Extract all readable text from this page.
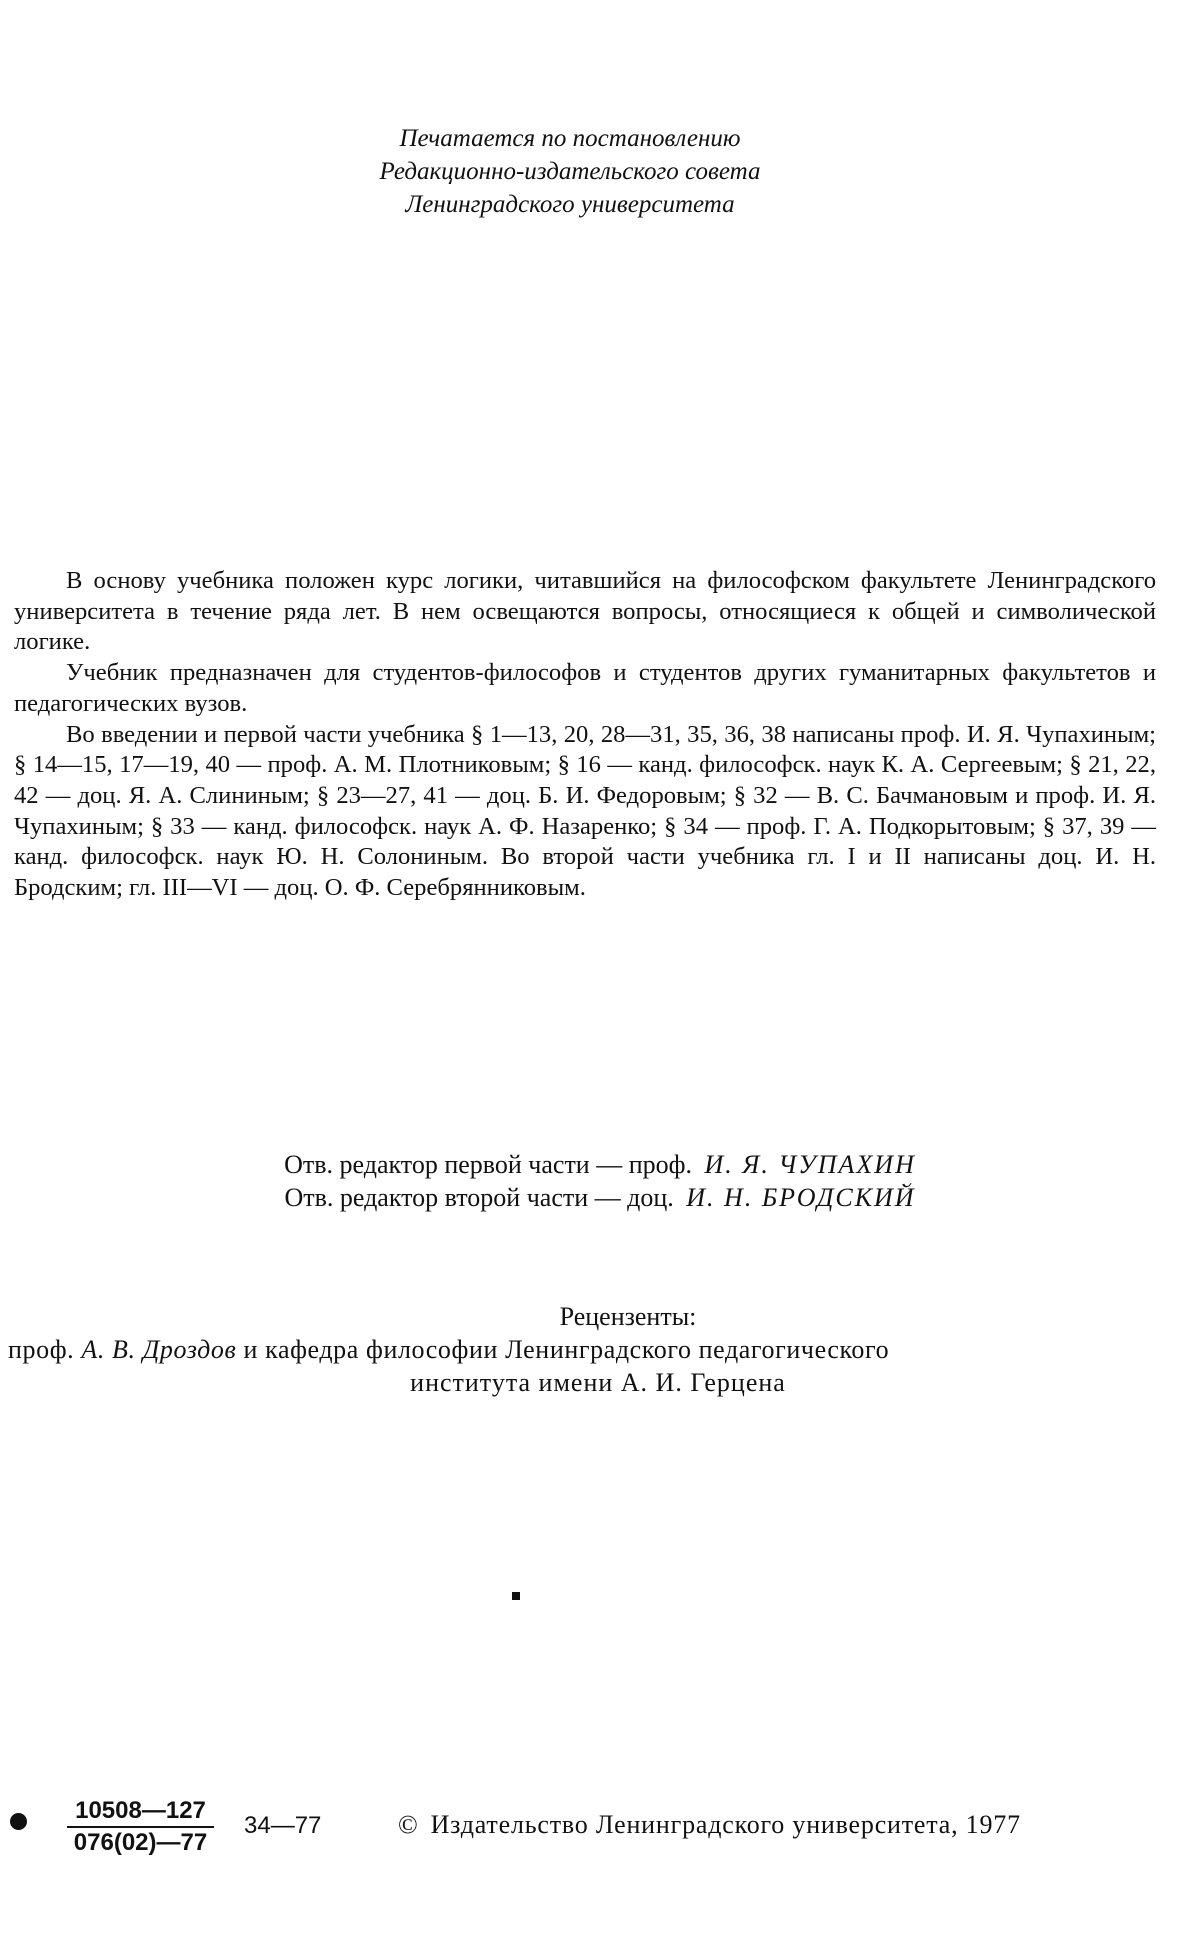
Печатается по постановлению
Редакционно-издательского совета
Ленинградского университета

В основу учебника положен курс логики, читавшийся на философском факультете Ленинградского университета в течение ряда лет. В нем освещаются вопросы, относящиеся к общей и символической логике.

Учебник предназначен для студентов-философов и студентов других гуманитарных факультетов и педагогических вузов.

Во введении и первой части учебника § 1—13, 20, 28—31, 35, 36, 38 написаны проф. И. Я. Чупахиным; § 14—15, 17—19, 40 — проф. А. М. Плотниковым; § 16 — канд. философск. наук К. А. Сергеевым; § 21, 22, 42 — доц. Я. А. Слининым; § 23—27, 41 — доц. Б. И. Федоровым; § 32 — В. С. Бачмановым и проф. И. Я. Чупахиным; § 33 — канд. философск. наук А. Ф. Назаренко; § 34 — проф. Г. А. Подкорытовым; § 37, 39 — канд. философск. наук Ю. Н. Солониным. Во второй части учебника гл. I и II написаны доц. И. Н. Бродским; гл. III—VI — доц. О. Ф. Серебрянниковым.

Отв. редактор первой части — проф. И. Я. ЧУПАХИН
Отв. редактор второй части — доц. И. Н. БРОДСКИЙ
Рецензенты:
проф. А. В. Дроздов и кафедра философии Ленинградского педагогического
института имени А. И. Герцена
$\frac{10508—127}{076(02)—77}$ 34—77	© Издательство Ленинградского университета, 1977
